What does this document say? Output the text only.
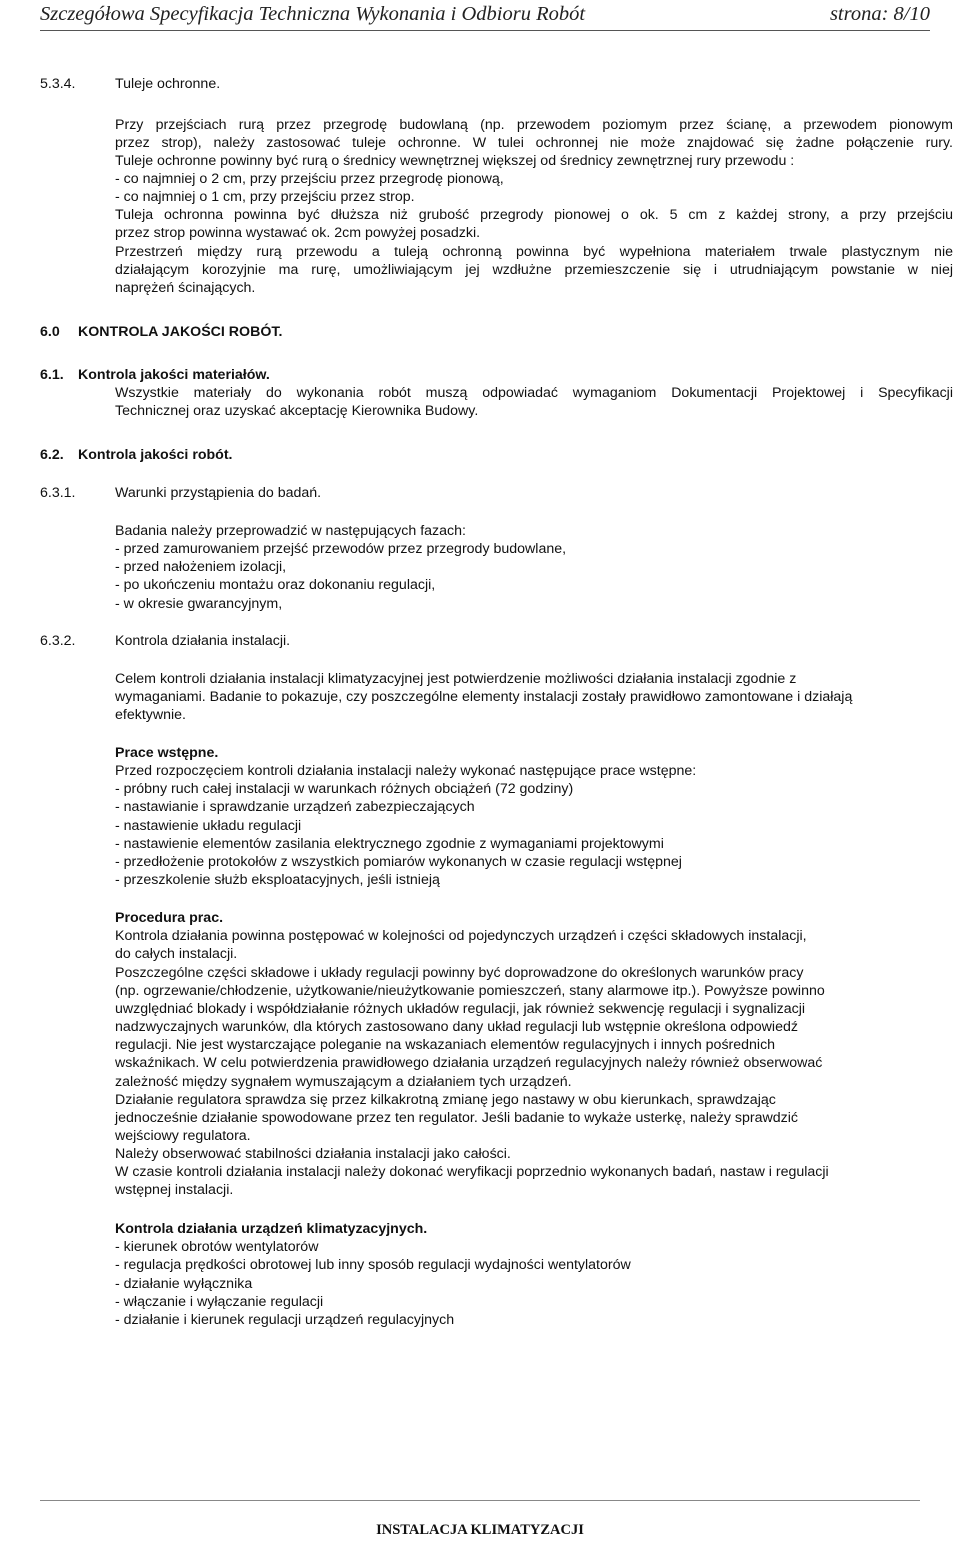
Szczegółowa Specyfikacja Techniczna Wykonania i Odbioru Robót	strona: 8/10
5.3.4.	Tuleje ochronne.
Przy przejściach rurą przez przegrodę budowlaną (np. przewodem poziomym przez ścianę, a przewodem pionowym
przez strop), należy zastosować tuleje ochronne. W tulei ochronnej nie może znajdować się żadne połączenie rury.
Tuleje ochronne powinny być rurą o średnicy wewnętrznej większej od średnicy zewnętrznej rury przewodu :
- co najmniej o 2 cm, przy przejściu przez przegrodę pionową,
- co najmniej o 1 cm, przy przejściu przez strop.
Tuleja ochronna powinna być dłuższa niż grubość przegrody pionowej o ok. 5 cm z każdej strony, a przy przejściu
przez strop powinna wystawać ok. 2cm powyżej posadzki.
Przestrzeń między rurą przewodu a tuleją ochronną powinna być wypełniona materiałem trwale plastycznym nie
działającym korozyjnie ma rurę, umożliwiającym jej wzdłużne przemieszczenie się i utrudniającym powstanie w niej
naprężeń ścinających.
6.0 KONTROLA JAKOŚCI ROBÓT.
6.1. Kontrola jakości materiałów.
Wszystkie materiały do wykonania robót muszą odpowiadać wymaganiom Dokumentacji Projektowej i Specyfikacji
Technicznej oraz uzyskać akceptację Kierownika Budowy.
6.2. Kontrola jakości robót.
6.3.1.	Warunki przystąpienia do badań.
Badania należy przeprowadzić w następujących fazach:
- przed zamurowaniem przejść przewodów przez przegrody budowlane,
- przed nałożeniem izolacji,
- po ukończeniu montażu oraz dokonaniu regulacji,
- w okresie gwarancyjnym,
6.3.2.	Kontrola działania instalacji.
Celem kontroli działania instalacji klimatyzacyjnej jest potwierdzenie możliwości działania instalacji zgodnie z
wymaganiami. Badanie to pokazuje, czy poszczególne elementy instalacji zostały prawidłowo zamontowane i działają
efektywnie.
Prace wstępne.
Przed rozpoczęciem kontroli działania instalacji należy wykonać następujące prace wstępne:
- próbny ruch całej instalacji w warunkach różnych obciążeń (72 godziny)
- nastawianie i sprawdzanie urządzeń zabezpieczających
- nastawienie układu regulacji
- nastawienie elementów zasilania elektrycznego zgodnie z wymaganiami projektowymi
- przedłożenie protokołów z wszystkich pomiarów wykonanych w czasie regulacji wstępnej
- przeszkolenie służb eksploatacyjnych, jeśli istnieją
Procedura prac.
Kontrola działania powinna postępować w kolejności od pojedynczych urządzeń i części składowych instalacji,
do całych instalacji.
Poszczególne części składowe i układy regulacji powinny być doprowadzone do określonych warunków pracy
(np. ogrzewanie/chłodzenie, użytkowanie/nieużytkowanie pomieszczeń, stany alarmowe itp.). Powyższe powinno
uwzględniać blokady i współdziałanie różnych układów regulacji, jak również sekwencję regulacji i sygnalizacji
nadzwyczajnych warunków, dla których zastosowano dany układ regulacji lub wstępnie określona odpowiedź
regulacji. Nie jest wystarczające poleganie na wskazaniach elementów regulacyjnych i innych pośrednich
wskaźnikach. W celu potwierdzenia prawidłowego działania urządzeń regulacyjnych należy również obserwować
zależność między sygnałem wymuszającym a działaniem tych urządzeń.
Działanie regulatora sprawdza się przez kilkakrotną zmianę jego nastawy w obu kierunkach, sprawdzając
jednocześnie działanie spowodowane przez ten regulator. Jeśli badanie to wykaże usterkę, należy sprawdzić
wejściowy regulatora.
Należy obserwować stabilności działania instalacji jako całości.
W czasie kontroli działania instalacji należy dokonać weryfikacji poprzednio wykonanych badań, nastaw i regulacji
wstępnej instalacji.
Kontrola działania urządzeń klimatyzacyjnych.
- kierunek obrotów wentylatorów
- regulacja prędkości obrotowej lub inny sposób regulacji wydajności wentylatorów
- działanie wyłącznika
- włączanie i wyłączanie regulacji
- działanie i kierunek regulacji urządzeń regulacyjnych
INSTALACJA KLIMATYZACJI
